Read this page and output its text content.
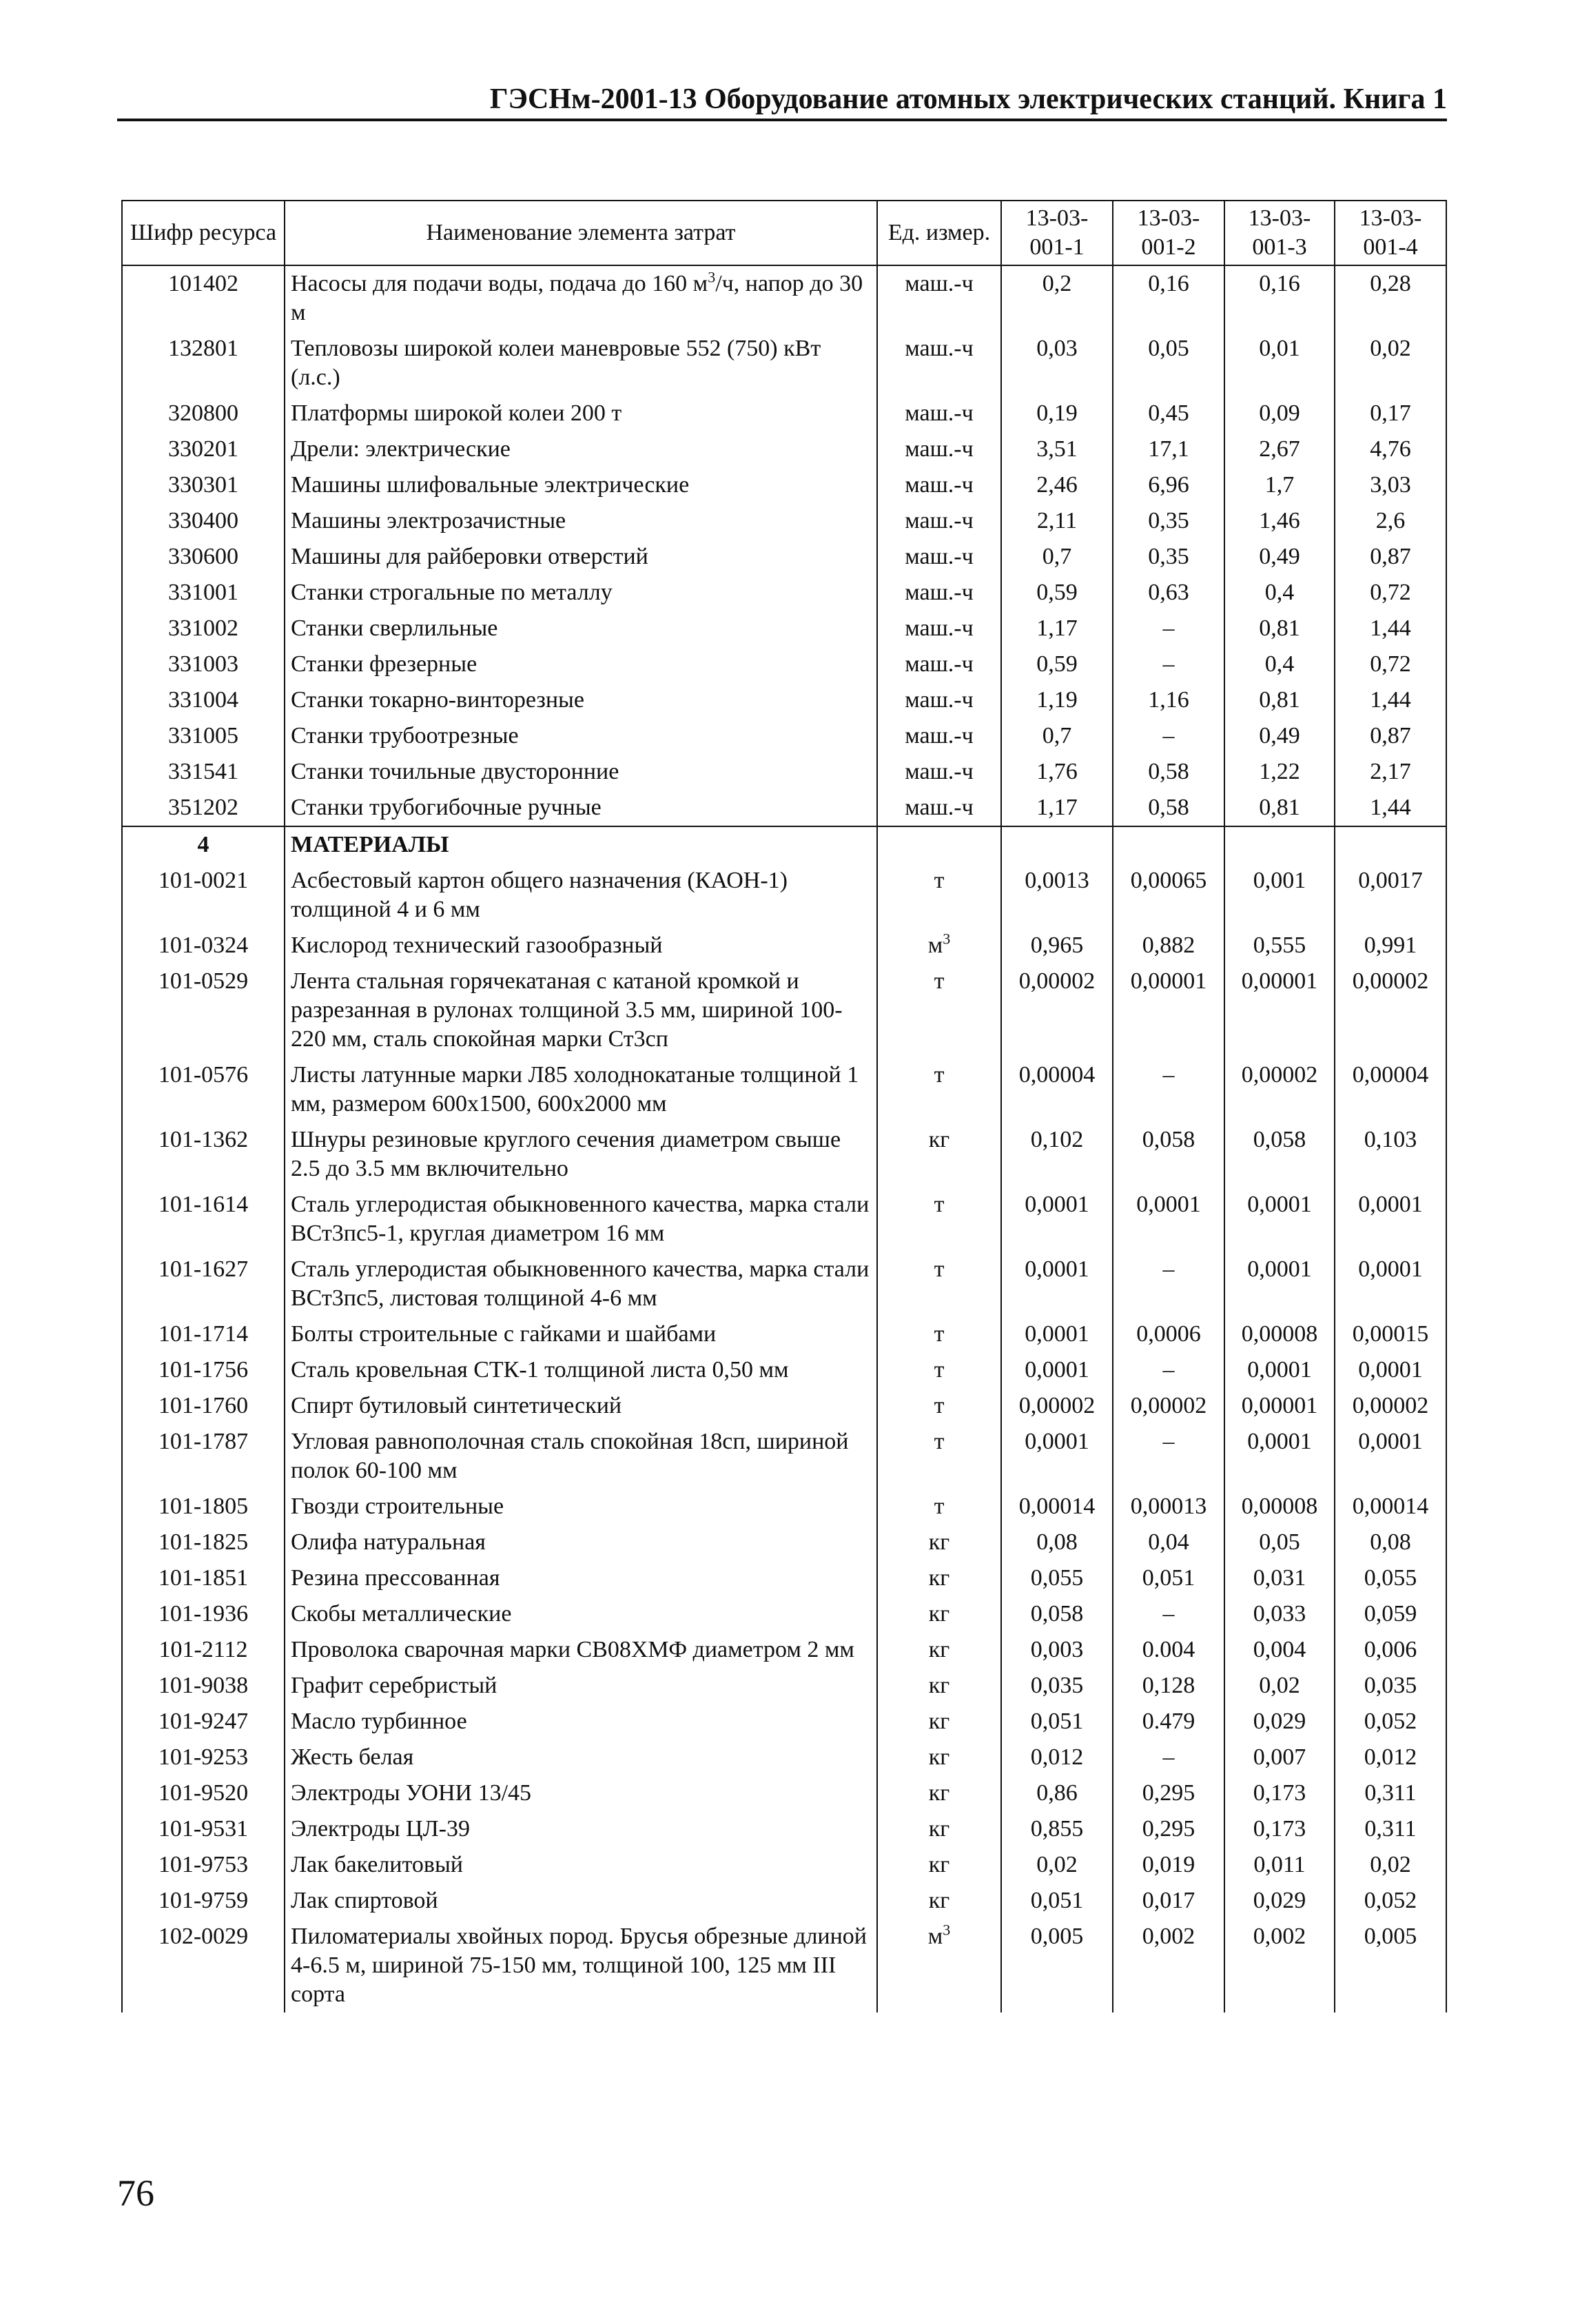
ГЭСНм-2001-13 Оборудование атомных электрических станций. Книга 1
Шифр ресурса	Наименование элемента затрат	Ед. измер.	13-03-001-1	13-03-001-2	13-03-001-3	13-03-001-4
101402	Насосы для подачи воды, подача до 160 $м^3/ч$, напор до 30 м	маш.-ч	0,2	0,16	0,16	0,28
132801	Тепловозы широкой колеи маневровые 552 (750) кВт (л.с.)	маш.-ч	0,03	0,05	0,01	0,02
320800	Платформы широкой колеи 200 т	маш.-ч	0,19	0,45	0,09	0,17
330201	Дрели: электрические	маш.-ч	3,51	17,1	2,67	4,76
330301	Машины шлифовальные электрические	маш.-ч	2,46	6,96	1,7	3,03
330400	Машины электрозачистные	маш.-ч	2,11	0,35	1,46	2,6
330600	Машины для райберовки отверстий	маш.-ч	0,7	0,35	0,49	0,87
331001	Станки строгальные по металлу	маш.-ч	0,59	0,63	0,4	0,72
331002	Станки сверлильные	маш.-ч	1,17	–	0,81	1,44
331003	Станки фрезерные	маш.-ч	0,59	–	0,4	0,72
331004	Станки токарно-винторезные	маш.-ч	1,19	1,16	0,81	1,44
331005	Станки трубоотрезные	маш.-ч	0,7	–	0,49	0,87
331541	Станки точильные двусторонние	маш.-ч	1,76	0,58	1,22	2,17
351202	Станки трубогибочные ручные	маш.-ч	1,17	0,58	0,81	1,44
4	МАТЕРИАЛЫ					
101-0021	Асбестовый картон общего назначения (КАОН-1) толщиной 4 и 6 мм	т	0,0013	0,00065	0,001	0,0017
101-0324	Кислород технический газообразный	$м^3$	0,965	0,882	0,555	0,991
101-0529	Лента стальная горячекатаная с катаной кромкой и разрезанная в рулонах толщиной 3.5 мм, шириной 100-220 мм, сталь спокойная марки Ст3сп	т	0,00002	0,00001	0,00001	0,00002
101-0576	Листы латунные марки Л85 холоднокатаные толщиной 1 мм, размером 600х1500, 600х2000 мм	т	0,00004	–	0,00002	0,00004
101-1362	Шнуры резиновые круглого сечения диаметром свыше 2.5 до 3.5 мм включительно	кг	0,102	0,058	0,058	0,103
101-1614	Сталь углеродистая обыкновенного качества, марка стали ВСт3пс5-1, круглая диаметром 16 мм	т	0,0001	0,0001	0,0001	0,0001
101-1627	Сталь углеродистая обыкновенного качества, марка стали ВСт3пс5, листовая толщиной 4-6 мм	т	0,0001	–	0,0001	0,0001
101-1714	Болты строительные с гайками и шайбами	т	0,0001	0,0006	0,00008	0,00015
101-1756	Сталь кровельная СТК-1 толщиной листа 0,50 мм	т	0,0001	–	0,0001	0,0001
101-1760	Спирт бутиловый синтетический	т	0,00002	0,00002	0,00001	0,00002
101-1787	Угловая равнополочная сталь спокойная 18сп, шириной полок 60-100 мм	т	0,0001	–	0,0001	0,0001
101-1805	Гвозди строительные	т	0,00014	0,00013	0,00008	0,00014
101-1825	Олифа натуральная	кг	0,08	0,04	0,05	0,08
101-1851	Резина прессованная	кг	0,055	0,051	0,031	0,055
101-1936	Скобы металлические	кг	0,058	–	0,033	0,059
101-2112	Проволока сварочная марки СВ08ХМФ диаметром 2 мм	кг	0,003	0.004	0,004	0,006
101-9038	Графит серебристый	кг	0,035	0,128	0,02	0,035
101-9247	Масло турбинное	кг	0,051	0.479	0,029	0,052
101-9253	Жесть белая	кг	0,012	–	0,007	0,012
101-9520	Электроды УОНИ 13/45	кг	0,86	0,295	0,173	0,311
101-9531	Электроды ЦЛ-39	кг	0,855	0,295	0,173	0,311
101-9753	Лак бакелитовый	кг	0,02	0,019	0,011	0,02
101-9759	Лак спиртовой	кг	0,051	0,017	0,029	0,052
102-0029	Пиломатериалы хвойных пород. Брусья обрезные длиной 4-6.5 м, шириной 75-150 мм, толщиной 100, 125 мм III сорта	$м^3$	0,005	0,002	0,002	0,005
76
